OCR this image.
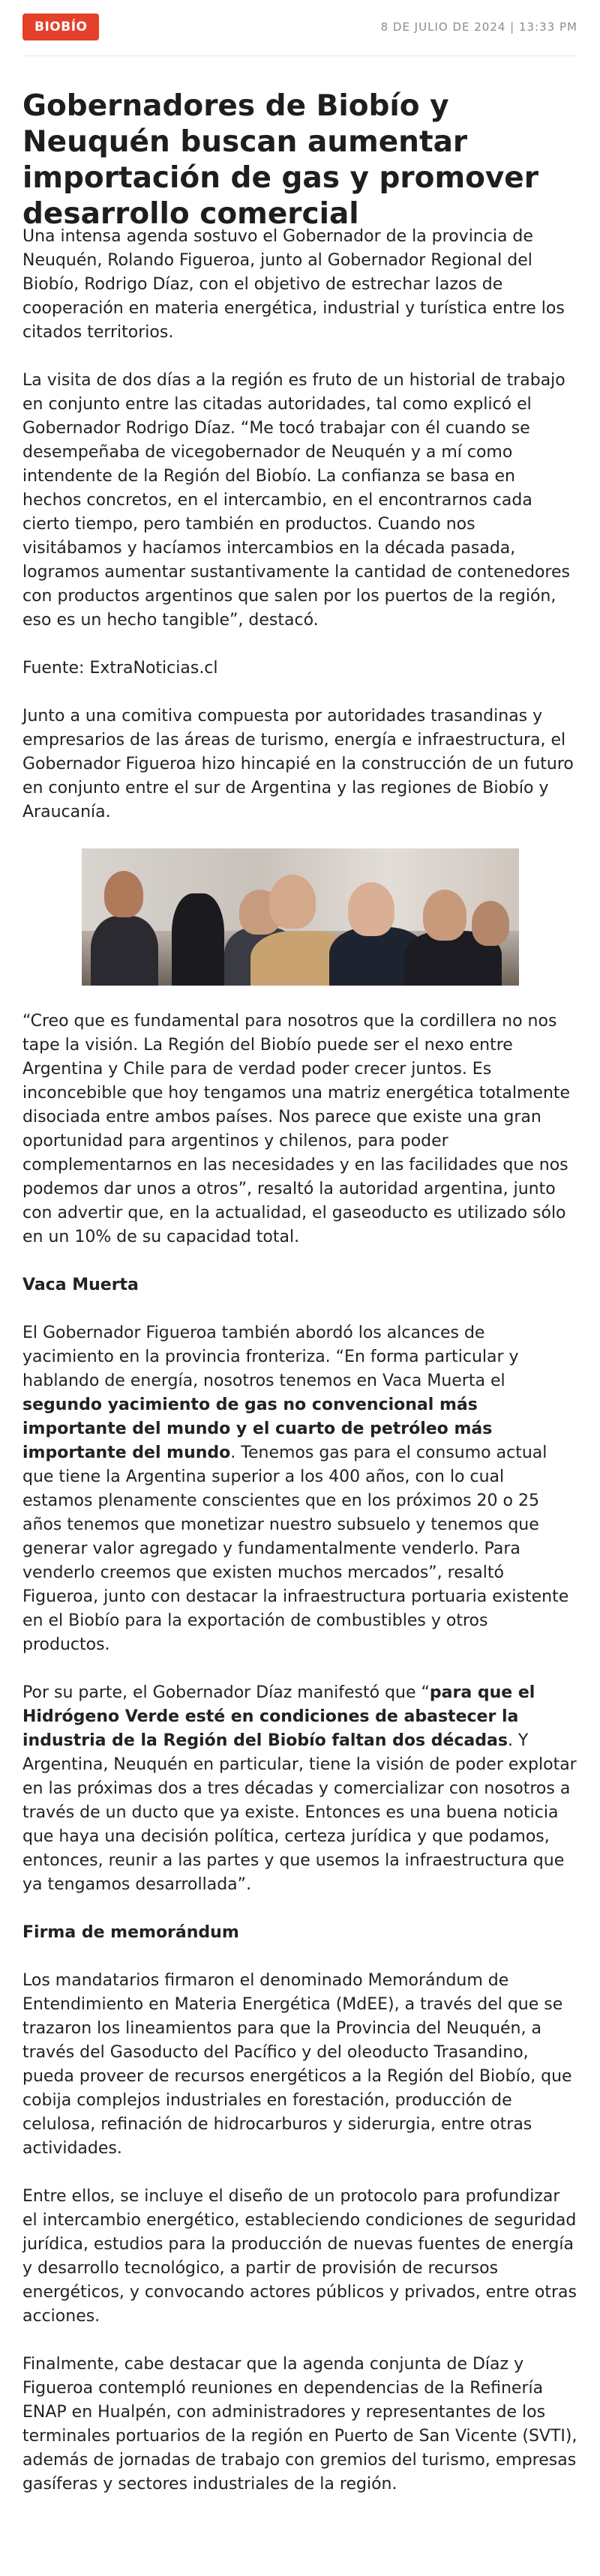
BIOBÍO	8 DE JULIO DE 2024 | 13:33 PM
Gobernadores de Biobío y Neuquén buscan aumentar importación de gas y promover desarrollo comercial

Una intensa agenda sostuvo el Gobernador de la provincia de Neuquén, Rolando Figueroa, junto al Gobernador Regional del Biobío, Rodrigo Díaz, con el objetivo de estrechar lazos de cooperación en materia energética, industrial y turística entre los citados territorios.

La visita de dos días a la región es fruto de un historial de trabajo en conjunto entre las citadas autoridades, tal como explicó el Gobernador Rodrigo Díaz. “Me tocó trabajar con él cuando se desempeñaba de vicegobernador de Neuquén y a mí como intendente de la Región del Biobío. La confianza se basa en hechos concretos, en el intercambio, en el encontrarnos cada cierto tiempo, pero también en productos. Cuando nos visitábamos y hacíamos intercambios en la década pasada, logramos aumentar sustantivamente la cantidad de contenedores con productos argentinos que salen por los puertos de la región, eso es un hecho tangible”, destacó.

Fuente: ExtraNoticias.cl

Junto a una comitiva compuesta por autoridades trasandinas y empresarios de las áreas de turismo, energía e infraestructura, el Gobernador Figueroa hizo hincapié en la construcción de un futuro en conjunto entre el sur de Argentina y las regiones de Biobío y Araucanía.

“Creo que es fundamental para nosotros que la cordillera no nos tape la visión. La Región del Biobío puede ser el nexo entre Argentina y Chile para de verdad poder crecer juntos. Es inconcebible que hoy tengamos una matriz energética totalmente disociada entre ambos países. Nos parece que existe una gran oportunidad para argentinos y chilenos, para poder complementarnos en las necesidades y en las facilidades que nos podemos dar unos a otros”, resaltó la autoridad argentina, junto con advertir que, en la actualidad, el gaseoducto es utilizado sólo en un 10% de su capacidad total.

Vaca Muerta

El Gobernador Figueroa también abordó los alcances de yacimiento en la provincia fronteriza. “En forma particular y hablando de energía, nosotros tenemos en Vaca Muerta el segundo yacimiento de gas no convencional más importante del mundo y el cuarto de petróleo más importante del mundo. Tenemos gas para el consumo actual que tiene la Argentina superior a los 400 años, con lo cual estamos plenamente conscientes que en los próximos 20 o 25 años tenemos que monetizar nuestro subsuelo y tenemos que generar valor agregado y fundamentalmente venderlo. Para venderlo creemos que existen muchos mercados”, resaltó Figueroa, junto con destacar la infraestructura portuaria existente en el Biobío para la exportación de combustibles y otros productos.

Por su parte, el Gobernador Díaz manifestó que “para que el Hidrógeno Verde esté en condiciones de abastecer la industria de la Región del Biobío faltan dos décadas. Y Argentina, Neuquén en particular, tiene la visión de poder explotar en las próximas dos a tres décadas y comercializar con nosotros a través de un ducto que ya existe. Entonces es una buena noticia que haya una decisión política, certeza jurídica y que podamos, entonces, reunir a las partes y que usemos la infraestructura que ya tengamos desarrollada”.

Firma de memorándum

Los mandatarios firmaron el denominado Memorándum de Entendimiento en Materia Energética (MdEE), a través del que se trazaron los lineamientos para que la Provincia del Neuquén, a través del Gasoducto del Pacífico y del oleoducto Trasandino, pueda proveer de recursos energéticos a la Región del Biobío, que cobija complejos industriales en forestación, producción de celulosa, refinación de hidrocarburos y siderurgia, entre otras actividades.

Entre ellos, se incluye el diseño de un protocolo para profundizar el intercambio energético, estableciendo condiciones de seguridad jurídica, estudios para la producción de nuevas fuentes de energía y desarrollo tecnológico, a partir de provisión de recursos energéticos, y convocando actores públicos y privados, entre otras acciones.

Finalmente, cabe destacar que la agenda conjunta de Díaz y Figueroa contempló reuniones en dependencias de la Refinería ENAP en Hualpén, con administradores y representantes de los terminales portuarios de la región en Puerto de San Vicente (SVTI), además de jornadas de trabajo con gremios del turismo, empresas gasíferas y sectores industriales de la región.
